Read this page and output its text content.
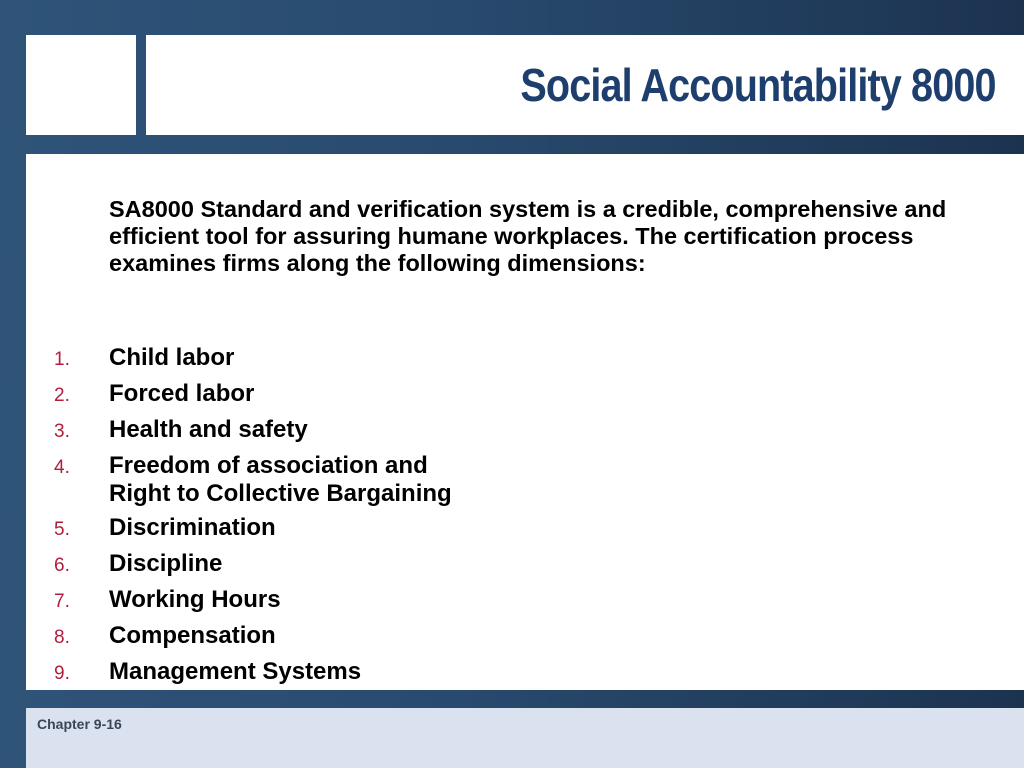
Social Accountability 8000

SA8000 Standard and verification system is a credible, comprehensive and efficient tool for assuring humane workplaces. The certification process examines firms along the following dimensions:

1.	Child labor
2.	Forced labor
3.	Health and safety
4.	Freedom of association and
Right to Collective Bargaining
5.	Discrimination
6.	Discipline
7.	Working Hours
8.	Compensation
9.	Management Systems
Chapter 9-16
